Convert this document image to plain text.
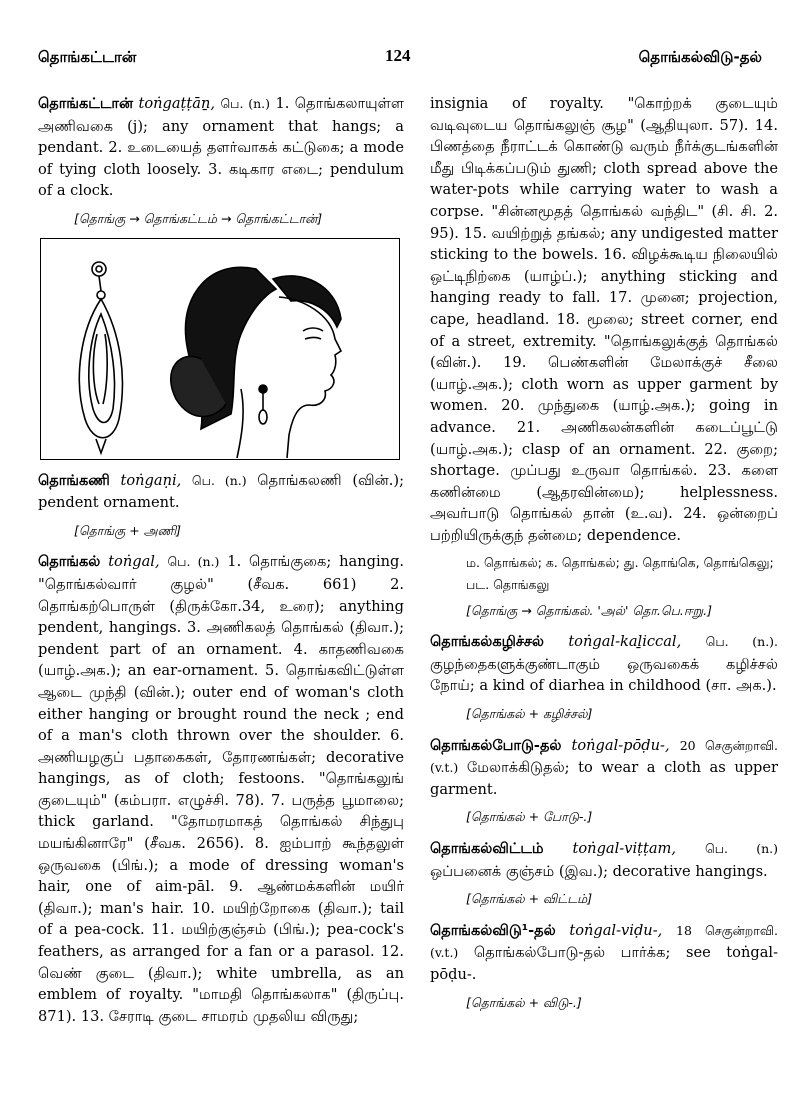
தொங்கட்டான்	124	தொங்கல்விடு-தல்
தொங்கட்டான் toṅgaṭṭāṉ, பெ. (n.) 1. தொங்கலாயுள்ள அணிவகை (j); any ornament that hangs; a pendant. 2. உடையைத் தளர்வாகக் கட்டுகை; a mode of tying cloth loosely. 3. கடிகார எடை; pendulum of a clock.
[தொங்கு → தொங்கட்டம் → தொங்கட்டான்]
தொங்கணி toṅgaṇi, பெ. (n.) தொங்கலணி (வின்.); pendent ornament.
[தொங்கு + அணி]
தொங்கல் toṅgal, பெ. (n.) 1. தொங்குகை; hanging. "தொங்கல்வார் குழல்" (சீவக. 661) 2. தொங்கற்பொருள் (திருக்கோ.34, உரை); anything pendent, hangings. 3. அணிகலத் தொங்கல் (திவா.); pendent part of an ornament. 4. காதணிவகை (யாழ்.அக.); an ear-ornament. 5. தொங்கவிட்டுள்ள ஆடை முந்தி (வின்.); outer end of woman's cloth either hanging or brought round the neck ; end of a man's cloth thrown over the shoulder. 6. அணியழகுப் பதாகைகள், தோரணங்கள்; decorative hangings, as of cloth; festoons. "தொங்கலுங் குடையும்" (கம்பரா. எழுச்சி. 78). 7. பருத்த பூமாலை; thick garland. "தோமரமாகத் தொங்கல் சிந்துபு மயங்கினாரே" (சீவக. 2656). 8. ஐம்பாற் கூந்தலுள் ஒருவகை (பிங்.); a mode of dressing woman's hair, one of aim-pāl. 9. ஆண்மக்களின் மயிர் (திவா.); man's hair. 10. மயிற்றோகை (திவா.); tail of a pea-cock. 11. மயிற்குஞ்சம் (பிங்.); pea-cock's feathers, as arranged for a fan or a parasol. 12. வெண் குடை (திவா.); white umbrella, as an emblem of royalty. "மாமதி தொங்கலாக" (திருப்பு. 871). 13. சேராடி குடை சாமரம் முதலிய விருது;
insignia of royalty. "கொற்றக் குடையும் வடிவுடைய தொங்கலுஞ் சூழ" (ஆதியுலா. 57). 14. பிணத்தை நீராட்டக் கொண்டு வரும் நீர்க்குடங்களின் மீது பிடிக்கப்படும் துணி; cloth spread above the water-pots while carrying water to wash a corpse. "சின்னமூதத் தொங்கல் வந்திட" (சி. சி. 2. 95). 15. வயிற்றுத் தங்கல்; any undigested matter sticking to the bowels. 16. விழக்கூடிய நிலையில் ஒட்டிநிற்கை (யாழ்ப்.); anything sticking and hanging ready to fall. 17. முனை; projection, cape, headland. 18. மூலை; street corner, end of a street, extremity. "தொங்கலுக்குத் தொங்கல் (வின்.). 19. பெண்களின் மேலாக்குச் சீலை (யாழ்.அக.); cloth worn as upper garment by women. 20. முந்துகை (யாழ்.அக.); going in advance. 21. அணிகலன்களின் கடைப்பூட்டு (யாழ்.அக.); clasp of an ornament. 22. குறை; shortage. முப்பது உருவா தொங்கல். 23. களை கணின்மை (ஆதரவின்மை); helplessness. அவர்பாடு தொங்கல் தான் (உ.வ). 24. ஒன்றைப் பற்றியிருக்குந் தன்மை; dependence.
ம. தொங்கல்; க. தொங்கல்; து. தொங்கெ, தொங்கெலு; பட. தொங்கலு
[தொங்கு → தொங்கல். 'அல்' தொ.பெ.ஈறு.]
தொங்கல்கழிச்சல் toṅgal-kaḻiccal, பெ. (n.). குழந்தைகளுக்குண்டாகும் ஒருவகைக் கழிச்சல் நோய்; a kind of diarhea in childhood (சா. அக.).
[தொங்கல் + கழிச்சல்]
தொங்கல்போடு-தல் toṅgal-pōḍu-, 20 செகுன்றாவி. (v.t.) மேலாக்கிடுதல்; to wear a cloth as upper garment.
[தொங்கல் + போடு-.]
தொங்கல்விட்டம் toṅgal-viṭṭam, பெ. (n.) ஒப்பனைக் குஞ்சம் (இவ.); decorative hangings.
[தொங்கல் + விட்டம்]
தொங்கல்விடு¹-தல் toṅgal-viḍu-, 18 செகுன்றாவி. (v.t.) தொங்கல்போடு-தல் பார்க்க; see toṅgal-pōḍu-.
[தொங்கல் + விடு-.]
